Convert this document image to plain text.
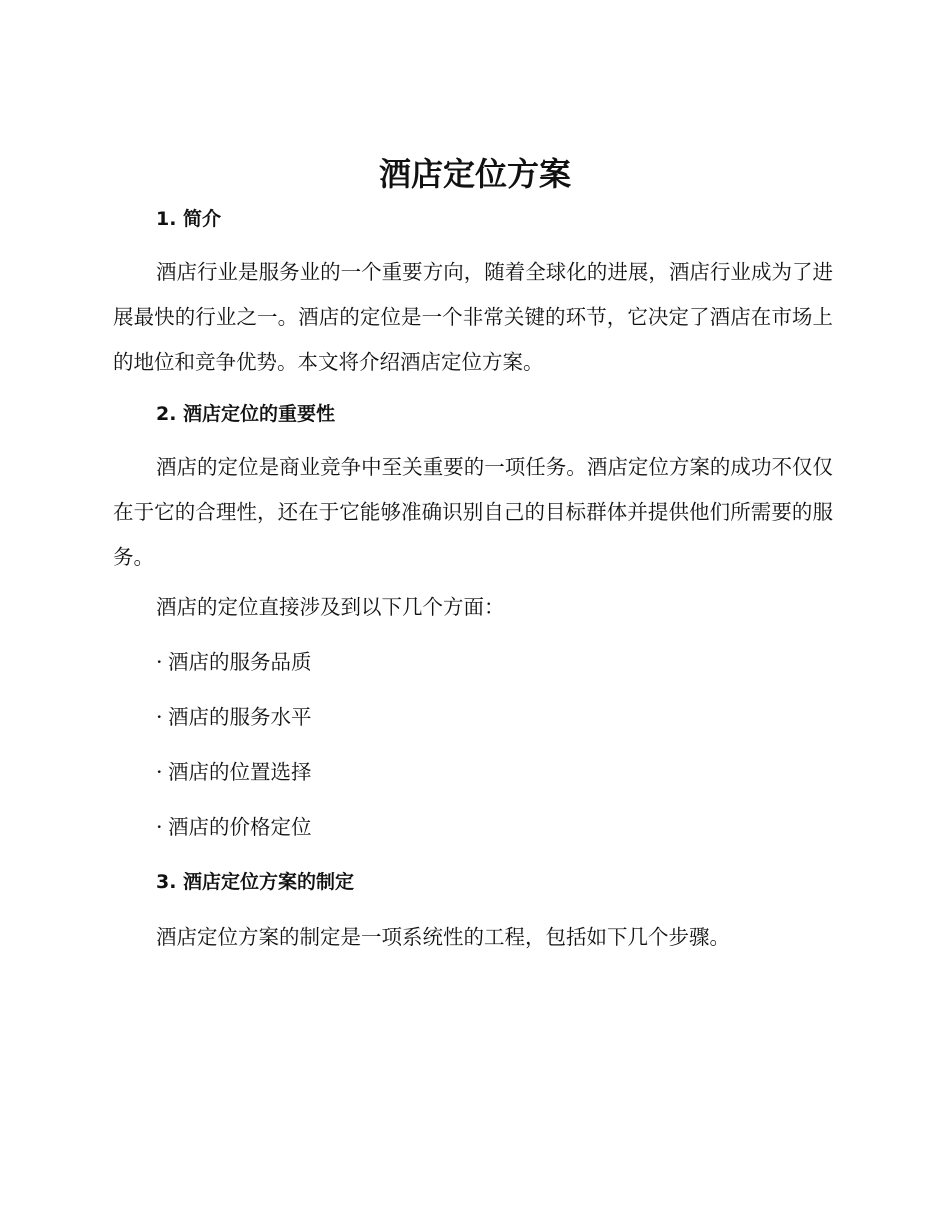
酒店定位方案
1. 简介

酒店行业是服务业的一个重要方向，随着全球化的进展，酒店行业成为了进展最快的行业之一。酒店的定位是一个非常关键的环节，它决定了酒店在市场上的地位和竞争优势。本文将介绍酒店定位方案。

2. 酒店定位的重要性

酒店的定位是商业竞争中至关重要的一项任务。酒店定位方案的成功不仅仅在于它的合理性，还在于它能够准确识别自己的目标群体并提供他们所需要的服务。

酒店的定位直接涉及到以下几个方面：

· 酒店的服务品质

· 酒店的服务水平

· 酒店的位置选择

· 酒店的价格定位

3. 酒店定位方案的制定

酒店定位方案的制定是一项系统性的工程，包括如下几个步骤。
